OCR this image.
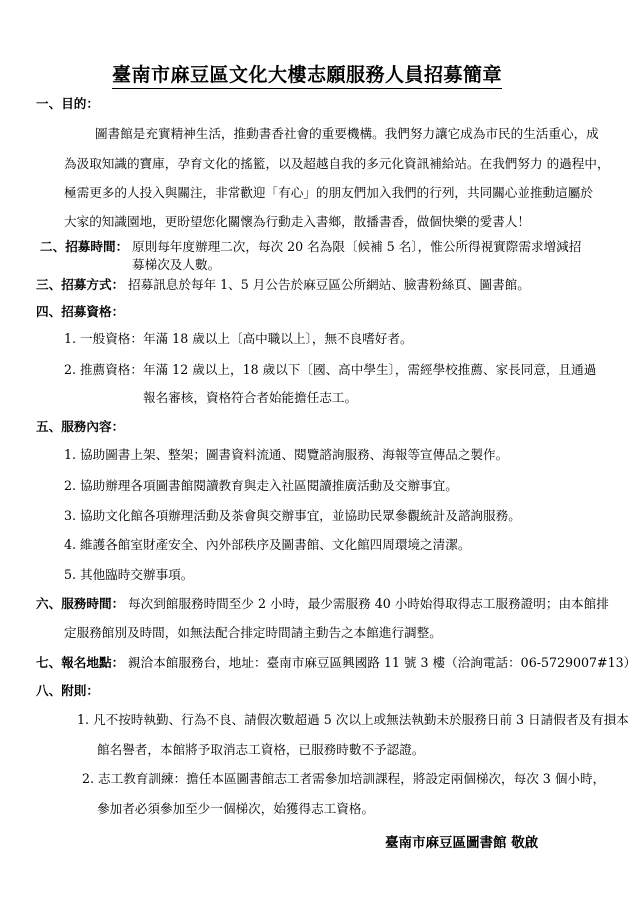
臺南市麻豆區文化大樓志願服務人員招募簡章
一、目的：
圖書館是充實精神生活，推動書香社會的重要機構。我們努力讓它成為市民的生活重心，成
為汲取知識的寶庫，孕育文化的搖籃，以及超越自我的多元化資訊補給站。在我們努力 的過程中，
極需更多的人投入與關注，非常歡迎「有心」的朋友們加入我們的行列，共同關心並推動這屬於
大家的知識園地，更盼望您化關懷為行動走入書鄉，散播書香，做個快樂的愛書人！
二、招募時間： 原則每年度辦理二次，每次 20 名為限〔候補 5 名〕，惟公所得視實際需求增減招
募梯次及人數。
三、招募方式： 招募訊息於每年 1、5 月公告於麻豆區公所網站、臉書粉絲頁、圖書館。
四、招募資格：
1. 一般資格：年滿 18 歲以上〔高中職以上〕，無不良嗜好者。
2. 推薦資格：年滿 12 歲以上，18 歲以下〔國、高中學生〕，需經學校推薦、家長同意，且通過
報名審核，資格符合者始能擔任志工。
五、服務內容：
1. 協助圖書上架、整架；圖書資料流通、閱覽諮詢服務、海報等宣傳品之製作。
2. 協助辦理各項圖書館閱讀教育與走入社區閱讀推廣活動及交辦事宜。
3. 協助文化館各項辦理活動及茶會與交辦事宜，並協助民眾參觀統計及諮詢服務。
4. 維護各館室財產安全、內外部秩序及圖書館、文化館四周環境之清潔。
5. 其他臨時交辦事項。
六、服務時間： 每次到館服務時間至少 2 小時，最少需服務 40 小時始得取得志工服務證明；由本館排
定服務館別及時間，如無法配合排定時間請主動告之本館進行調整。
七、報名地點： 親洽本館服務台，地址：臺南市麻豆區興國路 11 號 3 樓（洽詢電話：06-5729007#13）
八、附則：
1. 凡不按時執勤、行為不良、請假次數超過 5 次以上或無法執勤未於服務日前 3 日請假者及有損本
館名譽者，本館將予取消志工資格，已服務時數不予認證。
2. 志工教育訓練：擔任本區圖書館志工者需參加培訓課程，將設定兩個梯次，每次 3 個小時，
參加者必須參加至少一個梯次，始獲得志工資格。
臺南市麻豆區圖書館 敬啟
